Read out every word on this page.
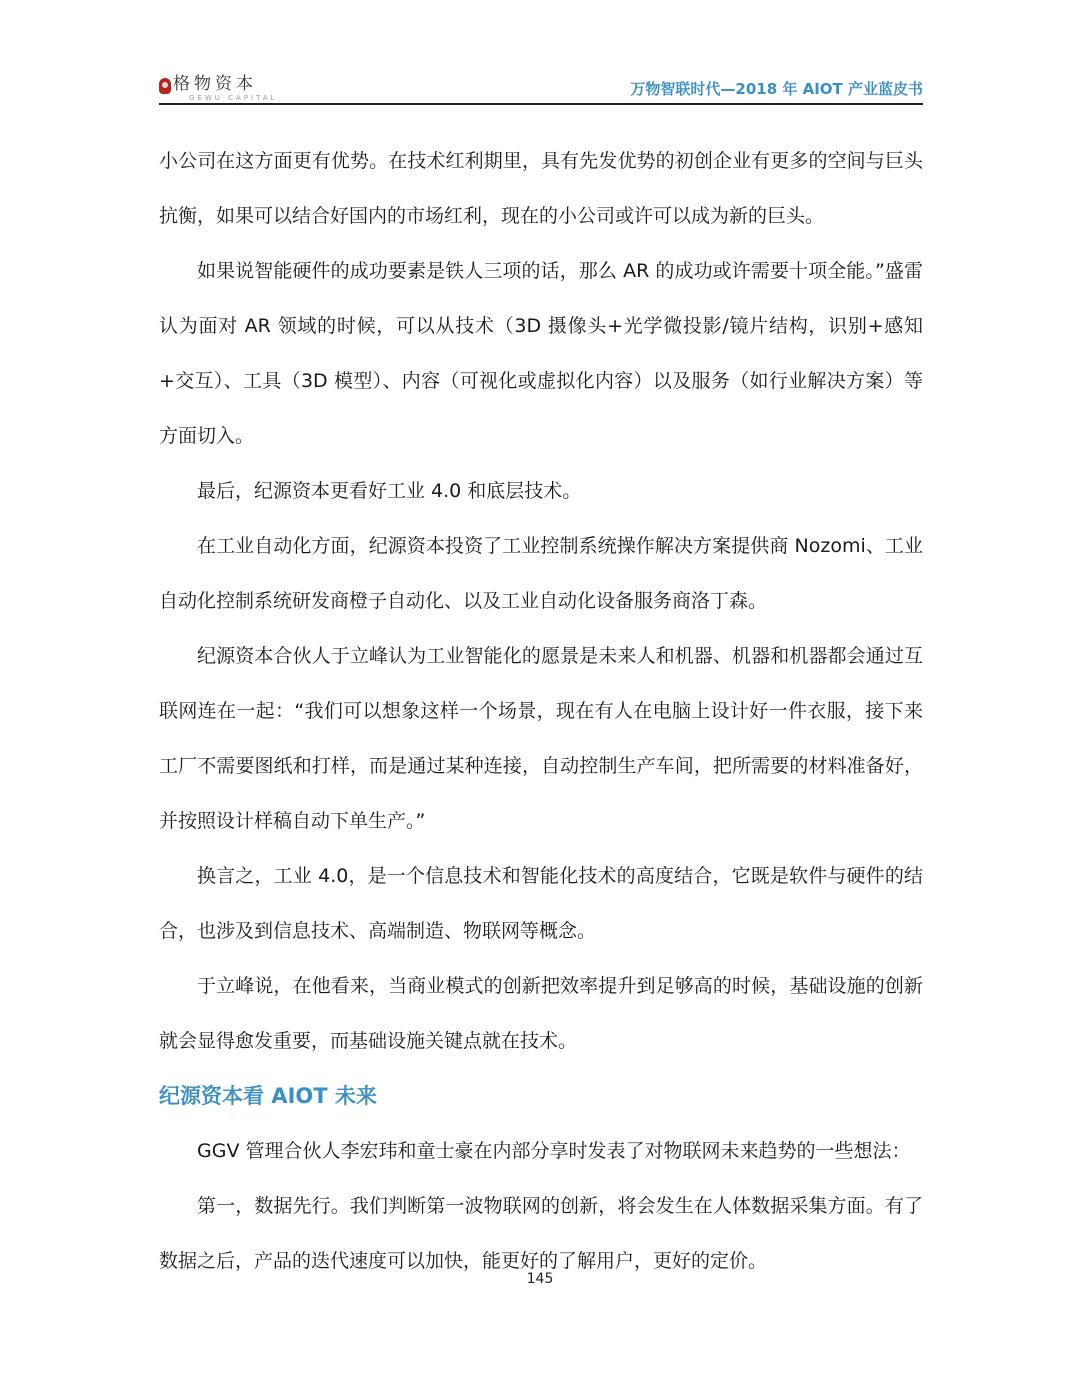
格物资本
GEWU CAPITAL	万物智联时代—2018 年 AIOT 产业蓝皮书

小公司在这方面更有优势。在技术红利期里，具有先发优势的初创企业有更多的空间与巨头抗衡，如果可以结合好国内的市场红利，现在的小公司或许可以成为新的巨头。

如果说智能硬件的成功要素是铁人三项的话，那么 AR 的成功或许需要十项全能。”盛雷认为面对 AR 领域的时候，可以从技术（3D 摄像头+光学微投影/镜片结构，识别+感知+交互）、工具（3D 模型）、内容（可视化或虚拟化内容）以及服务（如行业解决方案）等方面切入。

最后，纪源资本更看好工业 4.0 和底层技术。

在工业自动化方面，纪源资本投资了工业控制系统操作解决方案提供商 Nozomi、工业自动化控制系统研发商橙子自动化、以及工业自动化设备服务商洛丁森。

纪源资本合伙人于立峰认为工业智能化的愿景是未来人和机器、机器和机器都会通过互联网连在一起：“我们可以想象这样一个场景，现在有人在电脑上设计好一件衣服，接下来工厂不需要图纸和打样，而是通过某种连接，自动控制生产车间，把所需要的材料准备好，并按照设计样稿自动下单生产。”

换言之，工业 4.0，是一个信息技术和智能化技术的高度结合，它既是软件与硬件的结合，也涉及到信息技术、高端制造、物联网等概念。

于立峰说，在他看来，当商业模式的创新把效率提升到足够高的时候，基础设施的创新就会显得愈发重要，而基础设施关键点就在技术。

纪源资本看 AIOT 未来

GGV 管理合伙人李宏玮和童士豪在内部分享时发表了对物联网未来趋势的一些想法：

第一，数据先行。我们判断第一波物联网的创新，将会发生在人体数据采集方面。有了数据之后，产品的迭代速度可以加快，能更好的了解用户，更好的定价。

145
